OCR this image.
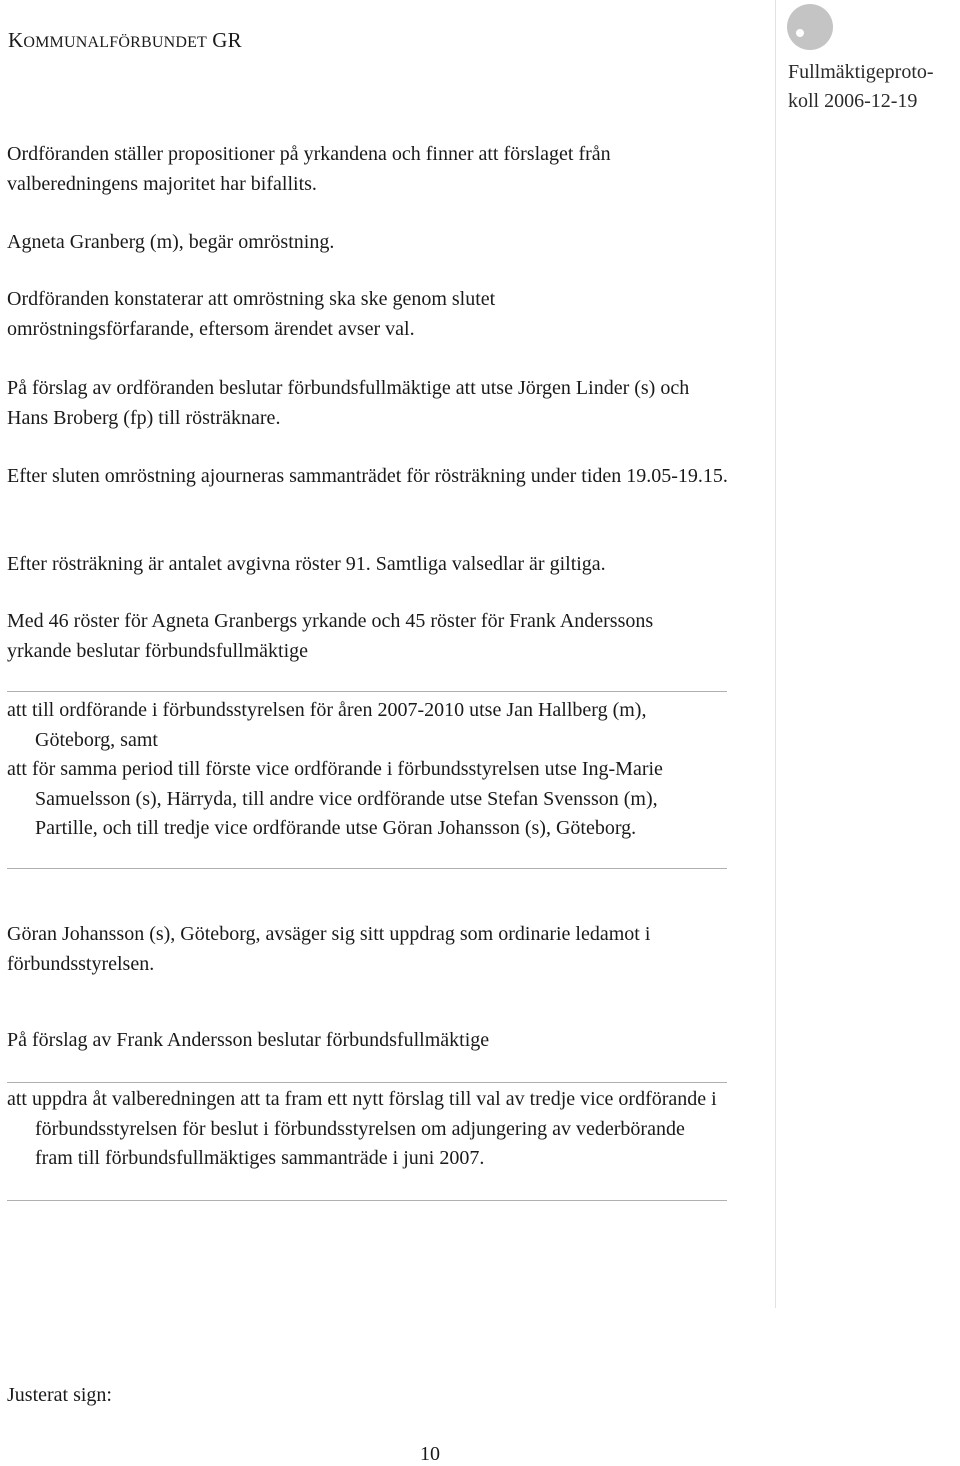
KOMMUNALFÖRBUNDET GR
Fullmäktigeproto-
koll 2006-12-19
Ordföranden ställer propositioner på yrkandena och finner att förslaget från valberedningens majoritet har bifallits.
Agneta Granberg (m), begär omröstning.
Ordföranden konstaterar att omröstning ska ske genom slutet omröstningsförfarande, eftersom ärendet avser val.
På förslag av ordföranden beslutar förbundsfullmäktige att utse Jörgen Linder (s) och Hans Broberg (fp) till rösträknare.
Efter sluten omröstning ajourneras sammanträdet för rösträkning under tiden 19.05-19.15.
Efter rösträkning är antalet avgivna röster 91. Samtliga valsedlar är giltiga.
Med 46 röster för Agneta Granbergs yrkande och 45 röster för Frank Anderssons yrkande beslutar förbundsfullmäktige

att till ordförande i förbundsstyrelsen för åren 2007-2010 utse Jan Hallberg (m), Göteborg, samt

att för samma period till förste vice ordförande i förbundsstyrelsen utse Ing-Marie Samuelsson (s), Härryda, till andre vice ordförande utse Stefan Svensson (m), Partille, och till tredje vice ordförande utse Göran Johansson (s), Göteborg.

Göran Johansson (s), Göteborg, avsäger sig sitt uppdrag som ordinarie ledamot i förbundsstyrelsen.
På förslag av Frank Andersson beslutar förbundsfullmäktige

att uppdra åt valberedningen att ta fram ett nytt förslag till val av tredje vice ordförande i förbundsstyrelsen för beslut i förbundsstyrelsen om adjungering av vederbörande fram till förbundsfullmäktiges sammanträde i juni 2007.

Justerat sign:
10
